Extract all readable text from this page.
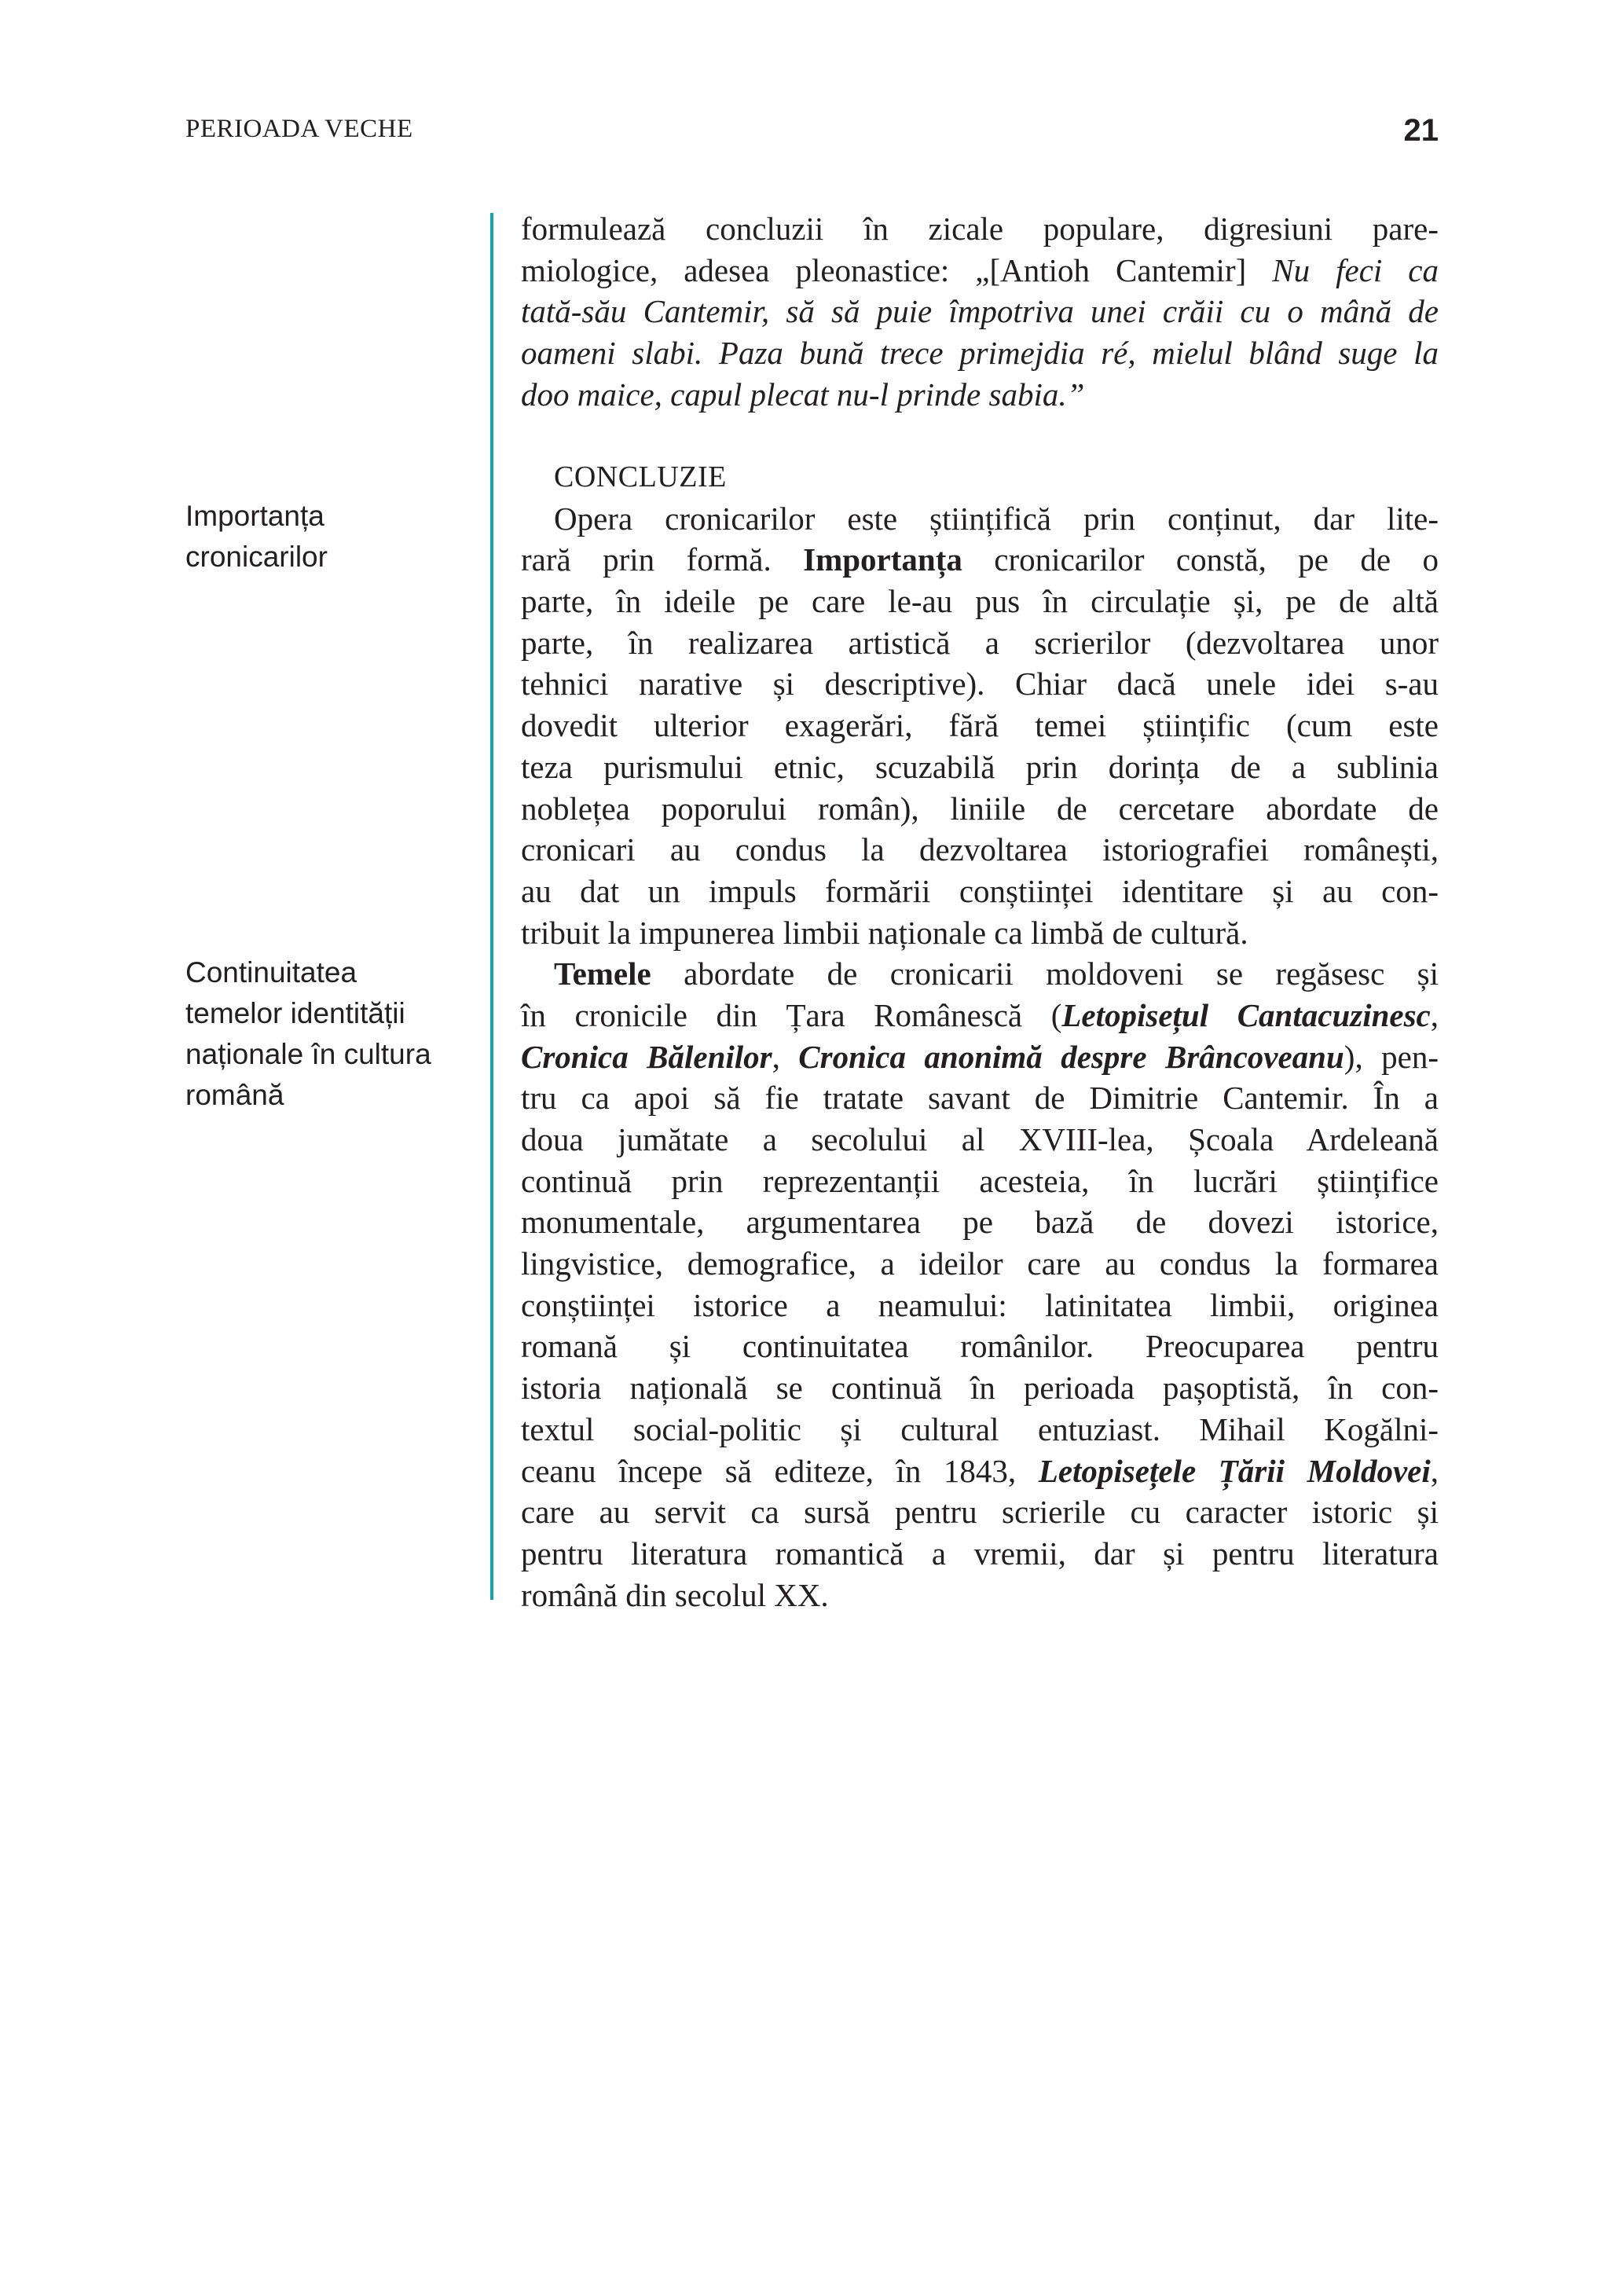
PERIOADA VECHE	21
Importanța
cronicarilor
Continuitatea
temelor identității
naționale în cultura
română
formulează concluzii în zicale populare, digresiuni pare-
miologice, adesea pleonastice: „[Antioh Cantemir] Nu feci ca
tată-său Cantemir, să să puie împotriva unei crăii cu o mână de
oameni slabi. Paza bună trece primejdia ré, mielul blând suge la
doo maice, capul plecat nu-l prinde sabia.”
CONCLUZIE
Opera cronicarilor este științifică prin conținut, dar lite-
rară prin formă. Importanța cronicarilor constă, pe de o
parte, în ideile pe care le-au pus în circulație și, pe de altă
parte, în realizarea artistică a scrierilor (dezvoltarea unor
tehnici narative și descriptive). Chiar dacă unele idei s-au
dovedit ulterior exagerări, fără temei științific (cum este
teza purismului etnic, scuzabilă prin dorința de a sublinia
noblețea poporului român), liniile de cercetare abordate de
cronicari au condus la dezvoltarea istoriografiei românești,
au dat un impuls formării conștiinței identitare și au con-
tribuit la impunerea limbii naționale ca limbă de cultură.
Temele abordate de cronicarii moldoveni se regăsesc și
în cronicile din Țara Românescă (Letopisețul Cantacuzinesc,
Cronica Bălenilor, Cronica anonimă despre Brâncoveanu), pen-
tru ca apoi să fie tratate savant de Dimitrie Cantemir. În a
doua jumătate a secolului al XVIII-lea, Școala Ardeleană
continuă prin reprezentanții acesteia, în lucrări științifice
monumentale, argumentarea pe bază de dovezi istorice,
lingvistice, demografice, a ideilor care au condus la formarea
conștiinței istorice a neamului: latinitatea limbii, originea
romană și continuitatea românilor. Preocuparea pentru
istoria națională se continuă în perioada pașoptistă, în con-
textul social-politic și cultural entuziast. Mihail Kogălni-
ceanu începe să editeze, în 1843, Letopisețele Țării Moldovei,
care au servit ca sursă pentru scrierile cu caracter istoric și
pentru literatura romantică a vremii, dar și pentru literatura
română din secolul XX.
